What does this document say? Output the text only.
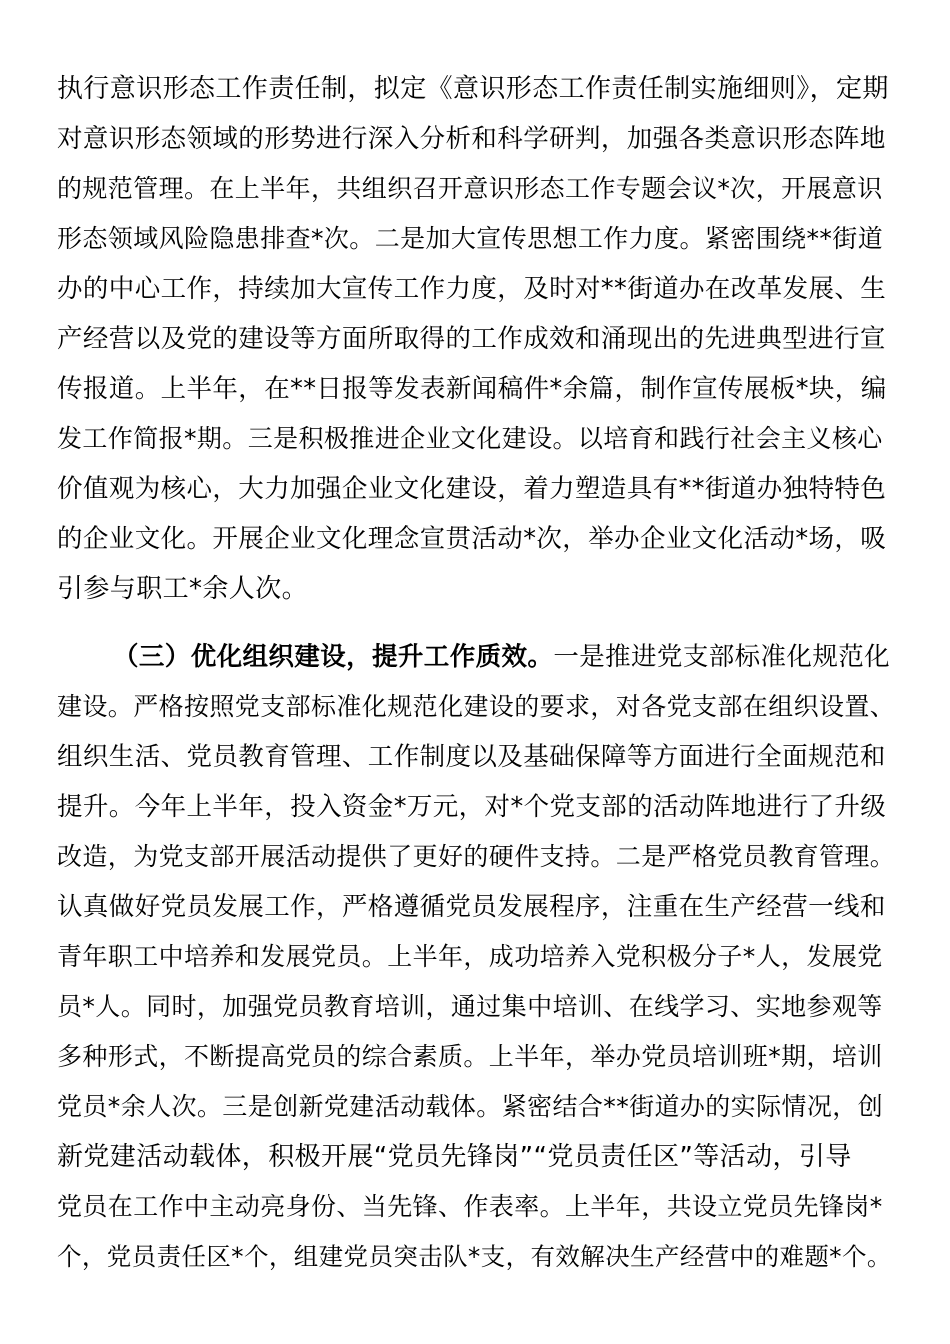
执行意识形态工作责任制，拟定《意识形态工作责任制实施细则》，定期
对意识形态领域的形势进行深入分析和科学研判，加强各类意识形态阵地
的规范管理。在上半年，共组织召开意识形态工作专题会议*次，开展意识
形态领域风险隐患排查*次。二是加大宣传思想工作力度。紧密围绕**街道
办的中心工作，持续加大宣传工作力度，及时对**街道办在改革发展、生
产经营以及党的建设等方面所取得的工作成效和涌现出的先进典型进行宣
传报道。上半年，在**日报等发表新闻稿件*余篇，制作宣传展板*块，编
发工作简报*期。三是积极推进企业文化建设。以培育和践行社会主义核心
价值观为核心，大力加强企业文化建设，着力塑造具有**街道办独特特色
的企业文化。开展企业文化理念宣贯活动*次，举办企业文化活动*场，吸
引参与职工*余人次。
（三）优化组织建设，提升工作质效。一是推进党支部标准化规范化
建设。严格按照党支部标准化规范化建设的要求，对各党支部在组织设置、
组织生活、党员教育管理、工作制度以及基础保障等方面进行全面规范和
提升。今年上半年，投入资金*万元，对*个党支部的活动阵地进行了升级
改造，为党支部开展活动提供了更好的硬件支持。二是严格党员教育管理。
认真做好党员发展工作，严格遵循党员发展程序，注重在生产经营一线和
青年职工中培养和发展党员。上半年，成功培养入党积极分子*人，发展党
员*人。同时，加强党员教育培训，通过集中培训、在线学习、实地参观等
多种形式，不断提高党员的综合素质。上半年，举办党员培训班*期，培训
党员*余人次。三是创新党建活动载体。紧密结合**街道办的实际情况，创
新党建活动载体，积极开展“党员先锋岗”“党员责任区”等活动，引导
党员在工作中主动亮身份、当先锋、作表率。上半年，共设立党员先锋岗*
个，党员责任区*个，组建党员突击队*支，有效解决生产经营中的难题*个。
